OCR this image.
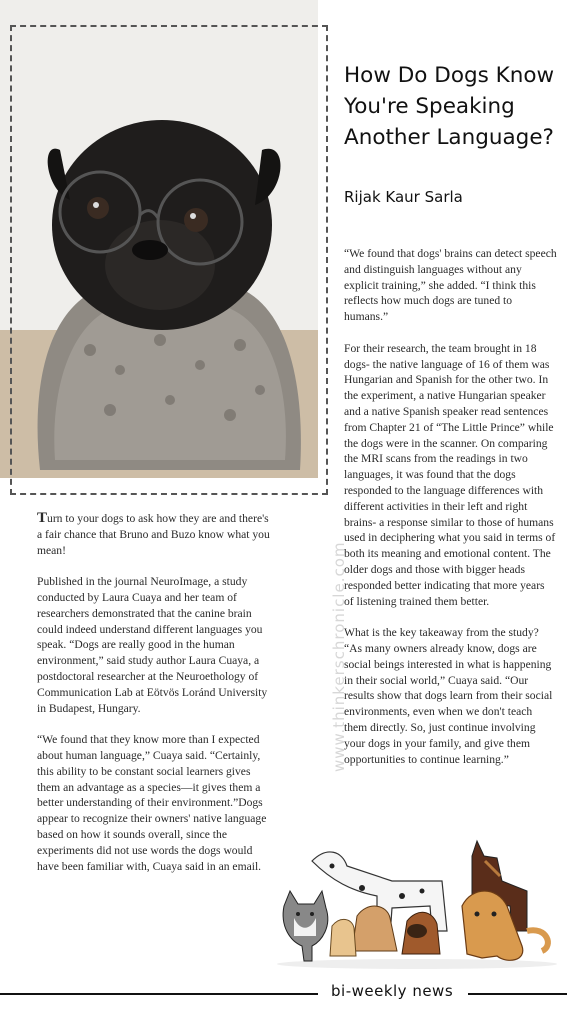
How Do Dogs Know You're Speaking Another Language?
Rijak Kaur Sarla

Turn to your dogs to ask how they are and there's a fair chance that Bruno and Buzo know what you mean!

Published in the journal NeuroImage, a study conducted by Laura Cuaya and her team of researchers demonstrated that the canine brain could indeed understand different languages you speak. “Dogs are really good in the human environment,” said study author Laura Cuaya, a postdoctoral researcher at the Neuroethology of Communication Lab at Eötvös Loránd University in Budapest, Hungary.

“We found that they know more than I expected about human language,” Cuaya said. “Certainly, this ability to be constant social learners gives them an advantage as a species—it gives them a better understanding of their environment.”Dogs appear to recognize their owners' native language based on how it sounds overall, since the experiments did not use words the dogs would have been familiar with, Cuaya said in an email.

“We found that dogs' brains can detect speech and distinguish languages without any explicit training,” she added. “I think this reflects how much dogs are tuned to humans.”

For their research, the team brought in 18 dogs- the native language of 16 of them was Hungarian and Spanish for the other two. In the experiment, a native Hungarian speaker and a native Spanish speaker read sentences from Chapter 21 of “The Little Prince” while the dogs were in the scanner. On comparing the MRI scans from the readings in two languages, it was found that the dogs responded to the language differences with different activities in their left and right brains- a response similar to those of humans used in deciphering what you said in terms of both its meaning and emotional content. The older dogs and those with bigger heads responded better indicating that more years of listening trained them better.

What is the key takeaway from the study? “As many owners already know, dogs are social beings interested in what is happening in their social world,” Cuaya said. “Our results show that dogs learn from their social environments, even when we don't teach them directly. So, just continue involving your dogs in your family, and give them opportunities to continue learning.”

www.thinkerschronicle.com
bi-weekly news
